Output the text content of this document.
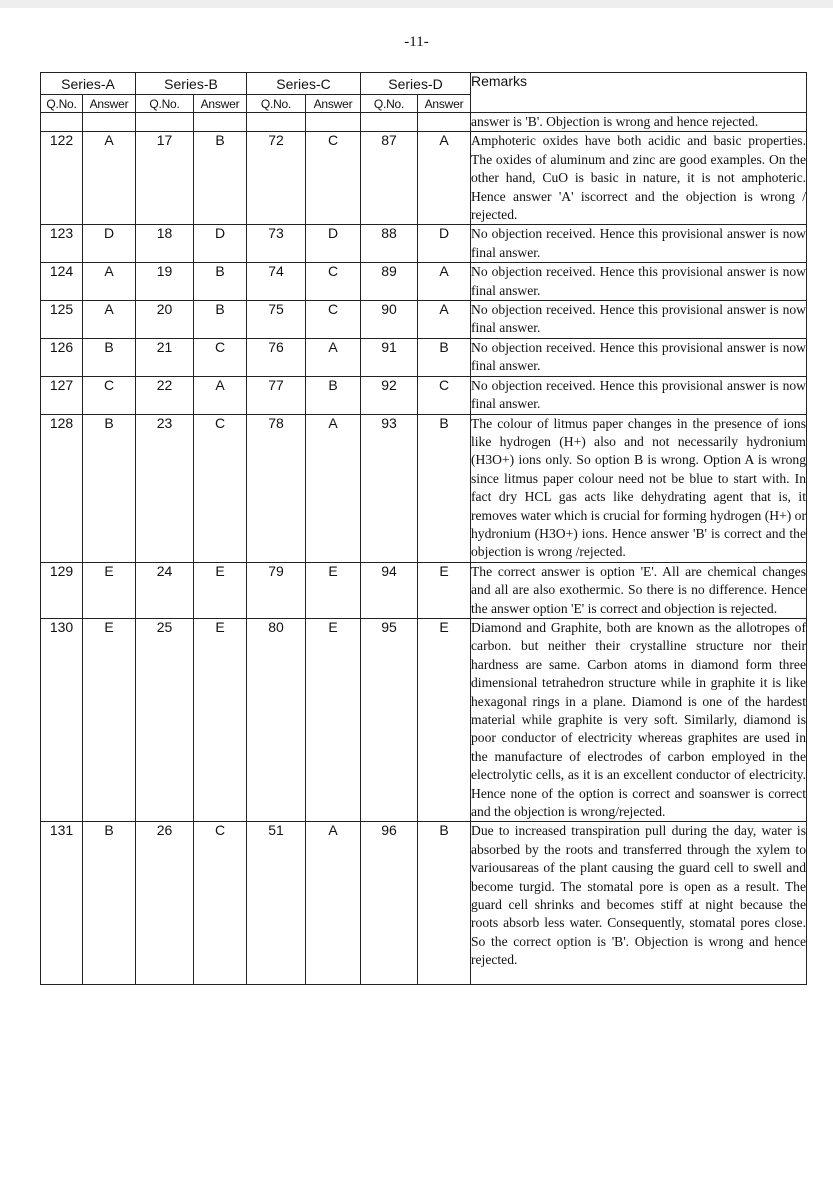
-11-
Series-A		Series-B		Series-C		Series-D		Remarks
Q.No.	Answer	Q.No.	Answer	Q.No.	Answer	Q.No.	Answer	
								answer is 'B'. Objection is wrong and hence rejected.
122	A	17	B	72	C	87	A	Amphoteric oxides have both acidic and basic properties. The oxides of aluminum and zinc are good examples. On the other hand, CuO is basic in nature, it is not amphoteric. Hence answer 'A' iscorrect and the objection is wrong / rejected.
123	D	18	D	73	D	88	D	No objection received. Hence this provisional answer is now final answer.
124	A	19	B	74	C	89	A	No objection received. Hence this provisional answer is now final answer.
125	A	20	B	75	C	90	A	No objection received. Hence this provisional answer is now final answer.
126	B	21	C	76	A	91	B	No objection received. Hence this provisional answer is now final answer.
127	C	22	A	77	B	92	C	No objection received. Hence this provisional answer is now final answer.
128	B	23	C	78	A	93	B	The colour of litmus paper changes in the presence of ions like hydrogen (H+) also and not necessarily hydronium (H3O+) ions only. So option B is wrong. Option A is wrong since litmus paper colour need not be blue to start with. In fact dry HCL gas acts like dehydrating agent that is, it removes water which is crucial for forming hydrogen (H+) or hydronium (H3O+) ions. Hence answer 'B' is correct and the objection is wrong /rejected.
129	E	24	E	79	E	94	E	The correct answer is option 'E'. All are chemical changes and all are also exothermic. So there is no difference. Hence the answer option 'E' is correct and objection is rejected.
130	E	25	E	80	E	95	E	Diamond and Graphite, both are known as the allotropes of carbon. but neither their crystalline structure nor their hardness are same. Carbon atoms in diamond form three dimensional tetrahedron structure while in graphite it is like hexagonal rings in a plane. Diamond is one of the hardest material while graphite is very soft. Similarly, diamond is poor conductor of electricity whereas graphites are used in the manufacture of electrodes of carbon employed in the electrolytic cells, as it is an excellent conductor of electricity. Hence none of the option is correct and soanswer is correct and the objection is wrong/rejected.
131	B	26	C	51	A	96	B	Due to increased transpiration pull during the day, water is absorbed by the roots and transferred through the xylem to variousareas of the plant causing the guard cell to swell and become turgid. The stomatal pore is open as a result. The guard cell shrinks and becomes stiff at night because the roots absorb less water. Consequently, stomatal pores close. So the correct option is 'B'. Objection is wrong and hence rejected.
